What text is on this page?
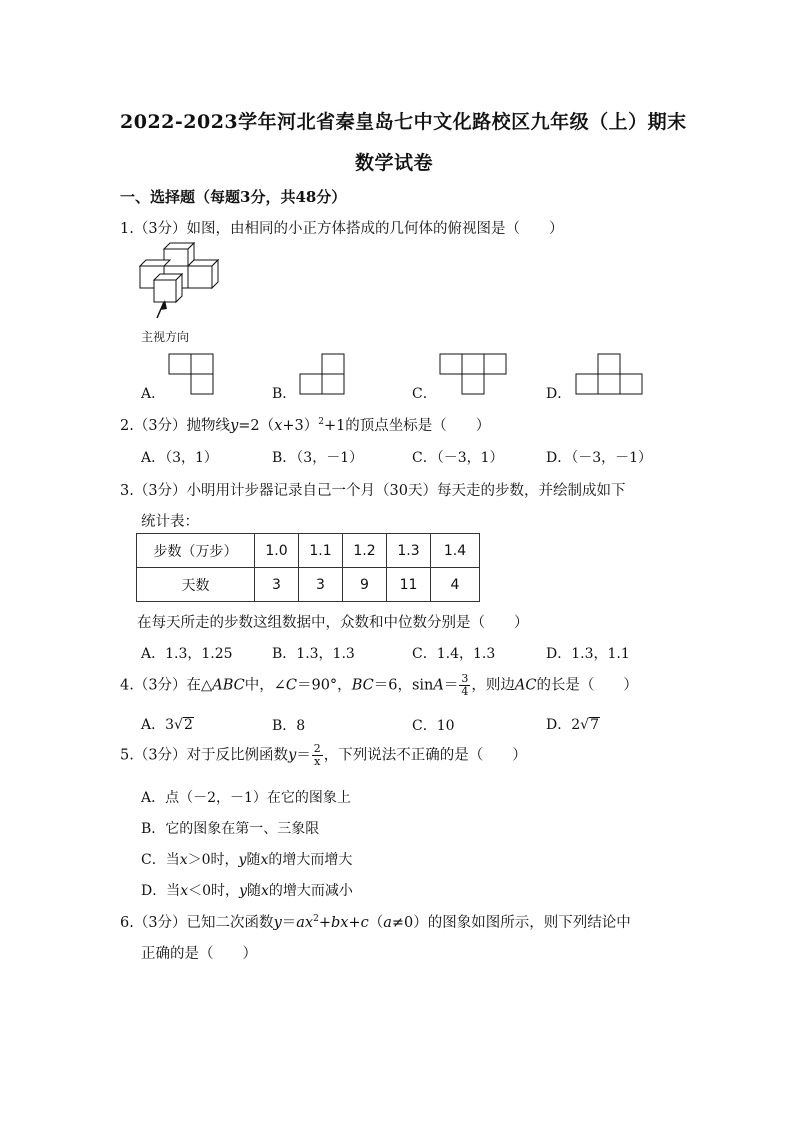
2022-2023学年河北省秦皇岛七中文化路校区九年级（上）期末
数学试卷
一、选择题（每题3分，共48分）
1.（3分）如图，由相同的小正方体搭成的几何体的俯视图是（　　）
主视方向
A．	B．	C．	D．
2.（3分）抛物线$y=2(x+3)^2+1$的顶点坐标是（　　）
A．（3，1）	B．（3，－1）	C．（－3，1）	D．（－3，－1）
3.（3分）小明用计步器记录自己一个月（30天）每天走的步数，并绘制成如下
统计表：
步数（万步）	1.0	1.1	1.2	1.3	1.4
天数	3	3	9	11	4
在每天所走的步数这组数据中，众数和中位数分别是（　　）
A．1.3，1.25	B．1.3，1.3	C．1.4，1.3	D．1.3，1.1
4.（3分）在△ABC中，∠C＝90°，BC＝6，$\sin A= \frac{3}{4}$ ，则边AC的长是（　　）
A．3√2	B．8	C．10	D．2√7
5.（3分）对于反比例函数$y= \frac{2}{x}$ ，下列说法不正确的是（　　）
A．点（－2，－1）在它的图象上
B．它的图象在第一、三象限
C．当x＞0时，y随x的增大而增大
D．当x＜0时，y随x的增大而减小
6.（3分）已知二次函数$y=ax^2+bx+c(a\ne 0)$的图象如图所示，则下列结论中
正确的是（　　）
